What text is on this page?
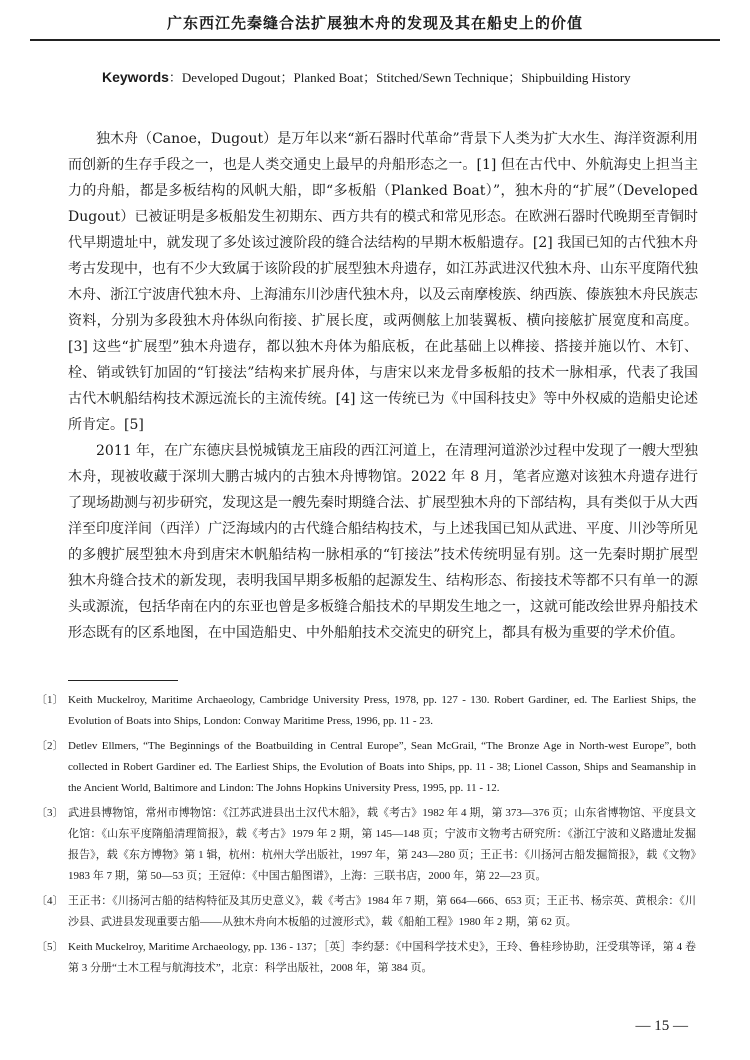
广东西江先秦缝合法扩展独木舟的发现及其在船史上的价值
Keywords：Developed Dugout；Planked Boat；Stitched/Sewn Technique；Shipbuilding History

独木舟（Canoe，Dugout）是万年以来“新石器时代革命”背景下人类为扩大水生、海洋资源利用而创新的生存手段之一，也是人类交通史上最早的舟船形态之一。[1] 但在古代中、外航海史上担当主力的舟船，都是多板结构的风帆大船，即“多板船（Planked Boat）”，独木舟的“扩展”（Developed Dugout）已被证明是多板船发生初期东、西方共有的模式和常见形态。在欧洲石器时代晚期至青铜时代早期遗址中，就发现了多处该过渡阶段的缝合法结构的早期木板船遗存。[2] 我国已知的古代独木舟考古发现中，也有不少大致属于该阶段的扩展型独木舟遗存，如江苏武进汉代独木舟、山东平度隋代独木舟、浙江宁波唐代独木舟、上海浦东川沙唐代独木舟，以及云南摩梭族、纳西族、傣族独木舟民族志资料，分别为多段独木舟体纵向衔接、扩展长度，或两侧舷上加装翼板、横向接舷扩展宽度和高度。[3] 这些“扩展型”独木舟遗存，都以独木舟体为船底板，在此基础上以榫接、搭接并施以竹、木钉、栓、销或铁钉加固的“钉接法”结构来扩展舟体，与唐宋以来龙骨多板船的技术一脉相承，代表了我国古代木帆船结构技术源远流长的主流传统。[4] 这一传统已为《中国科技史》等中外权威的造船史论述所肯定。[5]

2011 年，在广东德庆县悦城镇龙王庙段的西江河道上，在清理河道淤沙过程中发现了一艘大型独木舟，现被收藏于深圳大鹏古城内的古独木舟博物馆。2022 年 8 月，笔者应邀对该独木舟遗存进行了现场勘测与初步研究，发现这是一艘先秦时期缝合法、扩展型独木舟的下部结构，具有类似于从大西洋至印度洋间（西洋）广泛海域内的古代缝合船结构技术，与上述我国已知从武进、平度、川沙等所见的多艘扩展型独木舟到唐宋木帆船结构一脉相承的“钉接法”技术传统明显有别。这一先秦时期扩展型独木舟缝合技术的新发现，表明我国早期多板船的起源发生、结构形态、衔接技术等都不只有单一的源头或源流，包括华南在内的东亚也曾是多板缝合船技术的早期发生地之一，这就可能改绘世界舟船技术形态既有的区系地图，在中国造船史、中外船舶技术交流史的研究上，都具有极为重要的学术价值。

〔1〕 Keith Muckelroy, Maritime Archaeology, Cambridge University Press, 1978, pp. 127 - 130. Robert Gardiner, ed. The Earliest Ships, the Evolution of Boats into Ships, London: Conway Maritime Press, 1996, pp. 11 - 23.
〔2〕 Detlev Ellmers, “The Beginnings of the Boatbuilding in Central Europe”, Sean McGrail, “The Bronze Age in North-west Europe”, both collected in Robert Gardiner ed. The Earliest Ships, the Evolution of Boats into Ships, pp. 11 - 38; Lionel Casson, Ships and Seamanship in the Ancient World, Baltimore and Lindon: The Johns Hopkins University Press, 1995, pp. 11 - 12.
〔3〕 武进县博物馆，常州市博物馆：《江苏武进县出土汉代木船》，载《考古》1982 年 4 期，第 373—376 页；山东省博物馆、平度县文化馆：《山东平度隋船清理简报》，载《考古》1979 年 2 期，第 145—148 页；宁波市文物考古研究所：《浙江宁波和义路遗址发掘报告》，载《东方博物》第 1 辑，杭州：杭州大学出版社，1997 年，第 243—280 页；王正书：《川扬河古船发掘简报》，载《文物》1983 年 7 期，第 50—53 页；王冠倬：《中国古船图谱》，上海：三联书店，2000 年，第 22—23 页。
〔4〕 王正书：《川扬河古船的结构特征及其历史意义》，载《考古》1984 年 7 期，第 664—666、653 页；王正书、杨宗英、黄根余：《川沙县、武进县发现重要古船——从独木舟向木板船的过渡形式》，载《船舶工程》1980 年 2 期，第 62 页。
〔5〕 Keith Muckelroy, Maritime Archaeology, pp. 136 - 137；［英］李约瑟：《中国科学技术史》，王玲、鲁桂珍协助，汪受琪等译，第 4 卷第 3 分册“土木工程与航海技术”，北京：科学出版社，2008 年，第 384 页。
— 15 —
